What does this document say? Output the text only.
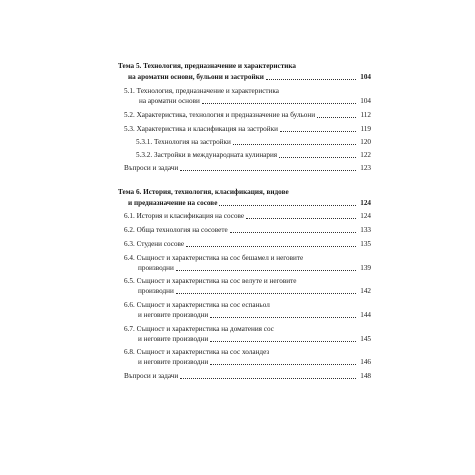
Тема 5. Технология, предназначение и характеристика
на ароматни основи, бульони и застройки	104
5.1. Технология, предназначение и характеристика
на ароматни основи	104
5.2. Характеристика, технология и предназначение на бульони	112
5.3. Характеристика и класификация на застройки	119
5.3.1. Технология на застройки	120
5.3.2. Застройки в международната кулинария	122
Въпроси и задачи	123
Тема 6. История, технология, класификация, видове
и предназначение на сосове	124
6.1. История и класификация на сосове	124
6.2. Обща технология на сосовете	133
6.3. Студени сосове	135
6.4. Същност и характеристика на сос бешамел и неговите
производни	139
6.5. Същност и характеристика на сос велуте и неговите
производни	142
6.6. Същност и характеристика на сос еспаньол
и неговите производни	144
6.7. Същност и характеристика на доматения сос
и неговите производни	145
6.8. Същност и характеристика на сос холандез
и неговите производни	146
Въпроси и задачи	148
